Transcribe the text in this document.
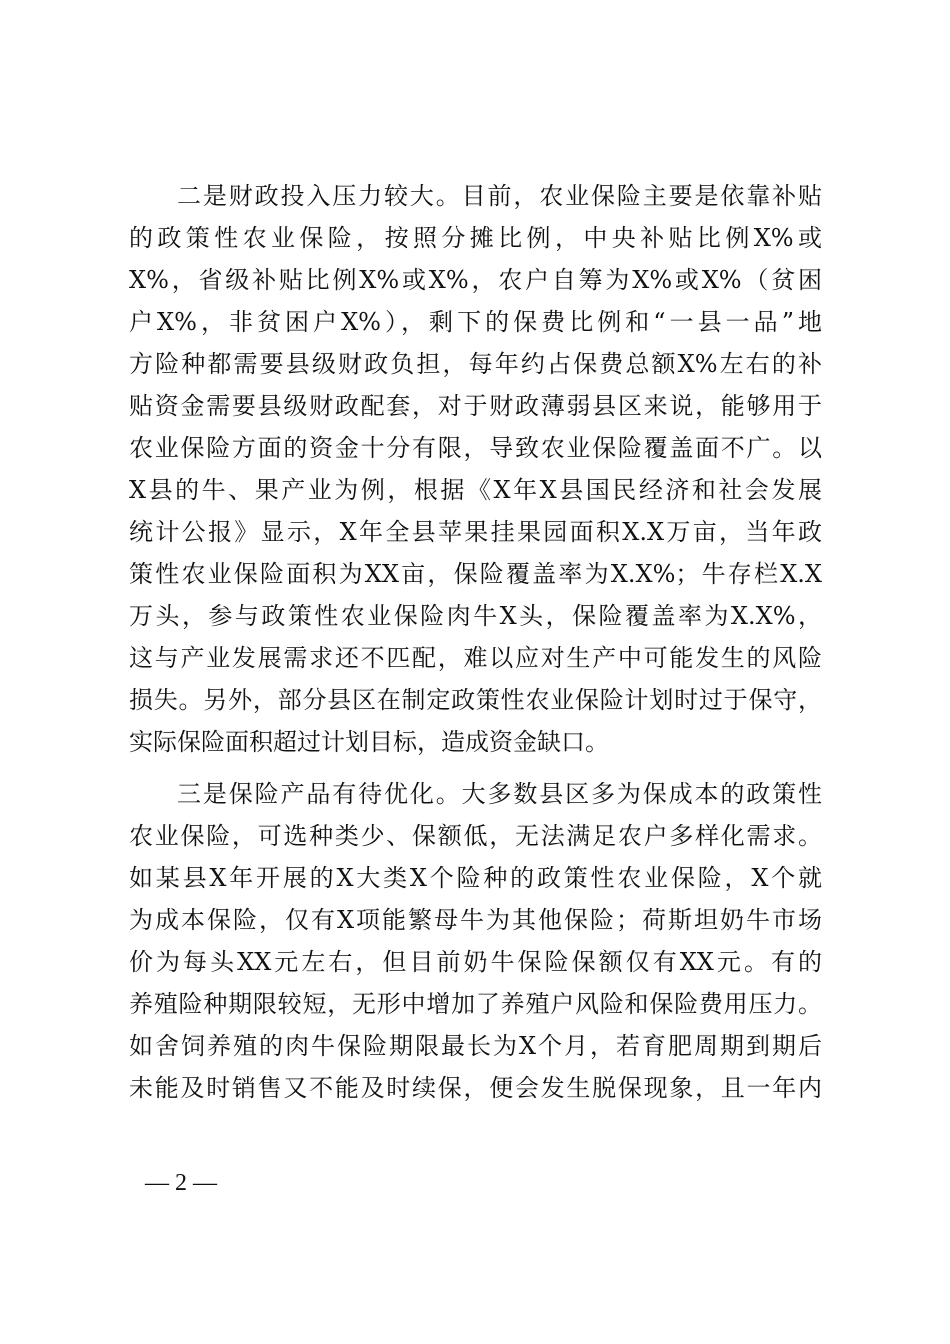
二是财政投入压力较大。目前，农业保险主要是依靠补贴
的政策性农业保险，按照分摊比例，中央补贴比例X%或
X%，省级补贴比例X%或X%，农户自筹为X%或X%（贫困
户X%，非贫困户X%），剩下的保费比例和“一县一品”地
方险种都需要县级财政负担，每年约占保费总额X%左右的补
贴资金需要县级财政配套，对于财政薄弱县区来说，能够用于
农业保险方面的资金十分有限，导致农业保险覆盖面不广。以
X县的牛、果产业为例，根据《X年X县国民经济和社会发展
统计公报》显示，X年全县苹果挂果园面积X.X万亩，当年政
策性农业保险面积为XX亩，保险覆盖率为X.X%；牛存栏X.X
万头，参与政策性农业保险肉牛X头，保险覆盖率为X.X%，
这与产业发展需求还不匹配，难以应对生产中可能发生的风险
损失。另外，部分县区在制定政策性农业保险计划时过于保守，
实际保险面积超过计划目标，造成资金缺口。
三是保险产品有待优化。大多数县区多为保成本的政策性
农业保险，可选种类少、保额低，无法满足农户多样化需求。
如某县X年开展的X大类X个险种的政策性农业保险，X个就
为成本保险，仅有X项能繁母牛为其他保险；荷斯坦奶牛市场
价为每头XX元左右，但目前奶牛保险保额仅有XX元。有的
养殖险种期限较短，无形中增加了养殖户风险和保险费用压力。
如舍饲养殖的肉牛保险期限最长为X个月，若育肥周期到期后
未能及时销售又不能及时续保，便会发生脱保现象，且一年内
— 2 —
